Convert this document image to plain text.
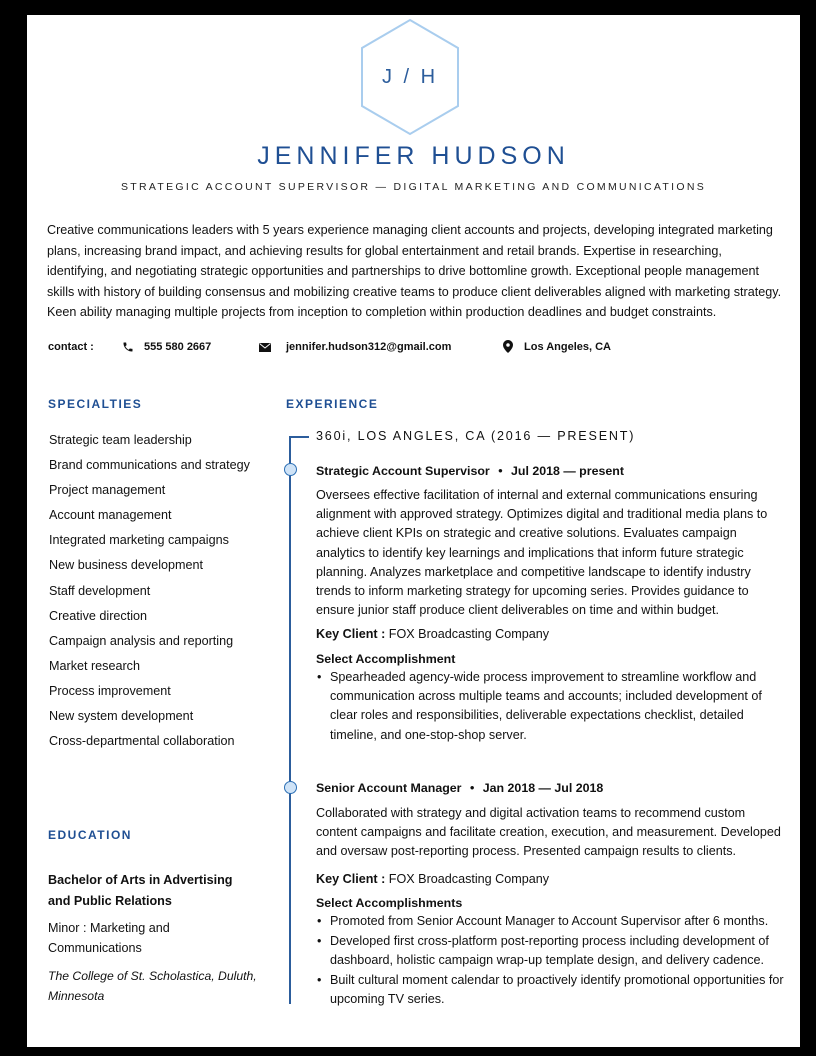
J / H
JENNIFER HUDSON
STRATEGIC ACCOUNT SUPERVISOR — DIGITAL MARKETING AND COMMUNICATIONS

Creative communications leaders with 5 years experience managing client accounts and projects, developing integrated marketing plans, increasing brand impact, and achieving results for global entertainment and retail brands. Expertise in researching, identifying, and negotiating strategic opportunities and partnerships to drive bottomline growth. Exceptional people management skills with history of building consensus and mobilizing creative teams to produce client deliverables aligned with marketing strategy. Keen ability managing multiple projects from inception to completion within production deadlines and budget constraints.

contact :	555 580 2667	jennifer.hudson312@gmail.com	Los Angeles, CA
SPECIALTIES
Strategic team leadership
Brand communications and strategy
Project management
Account management
Integrated marketing campaigns
New business development
Staff development
Creative direction
Campaign analysis and reporting
Market research
Process improvement
New system development
Cross-departmental collaboration
EDUCATION
Bachelor of Arts in Advertising and Public Relations
Minor : Marketing and Communications
The College of St. Scholastica, Duluth, Minnesota
EXPERIENCE
360i, LOS ANGLES, CA (2016 — PRESENT)
Strategic Account Supervisor • Jul 2018 — present

Oversees effective facilitation of internal and external communications ensuring alignment with approved strategy. Optimizes digital and traditional media plans to achieve client KPIs on strategic and creative solutions. Evaluates campaign analytics to identify key learnings and implications that inform future strategic planning. Analyzes marketplace and competitive landscape to identify industry trends to inform marketing strategy for upcoming series. Provides guidance to ensure junior staff produce client deliverables on time and within budget.

Key Client : FOX Broadcasting Company
Select Accomplishment
• Spearheaded agency-wide process improvement to streamline workflow and communication across multiple teams and accounts; included development of clear roles and responsibilities, deliverable expectations checklist, detailed timeline, and one-stop-shop server.
Senior Account Manager • Jan 2018 — Jul 2018

Collaborated with strategy and digital activation teams to recommend custom content campaigns and facilitate creation, execution, and measurement. Developed and oversaw post-reporting process. Presented campaign results to clients.

Key Client : FOX Broadcasting Company
Select Accomplishments
• Promoted from Senior Account Manager to Account Supervisor after 6 months.
• Developed first cross-platform post-reporting process including development of dashboard, holistic campaign wrap-up template design, and delivery cadence.
• Built cultural moment calendar to proactively identify promotional opportunities for upcoming TV series.
